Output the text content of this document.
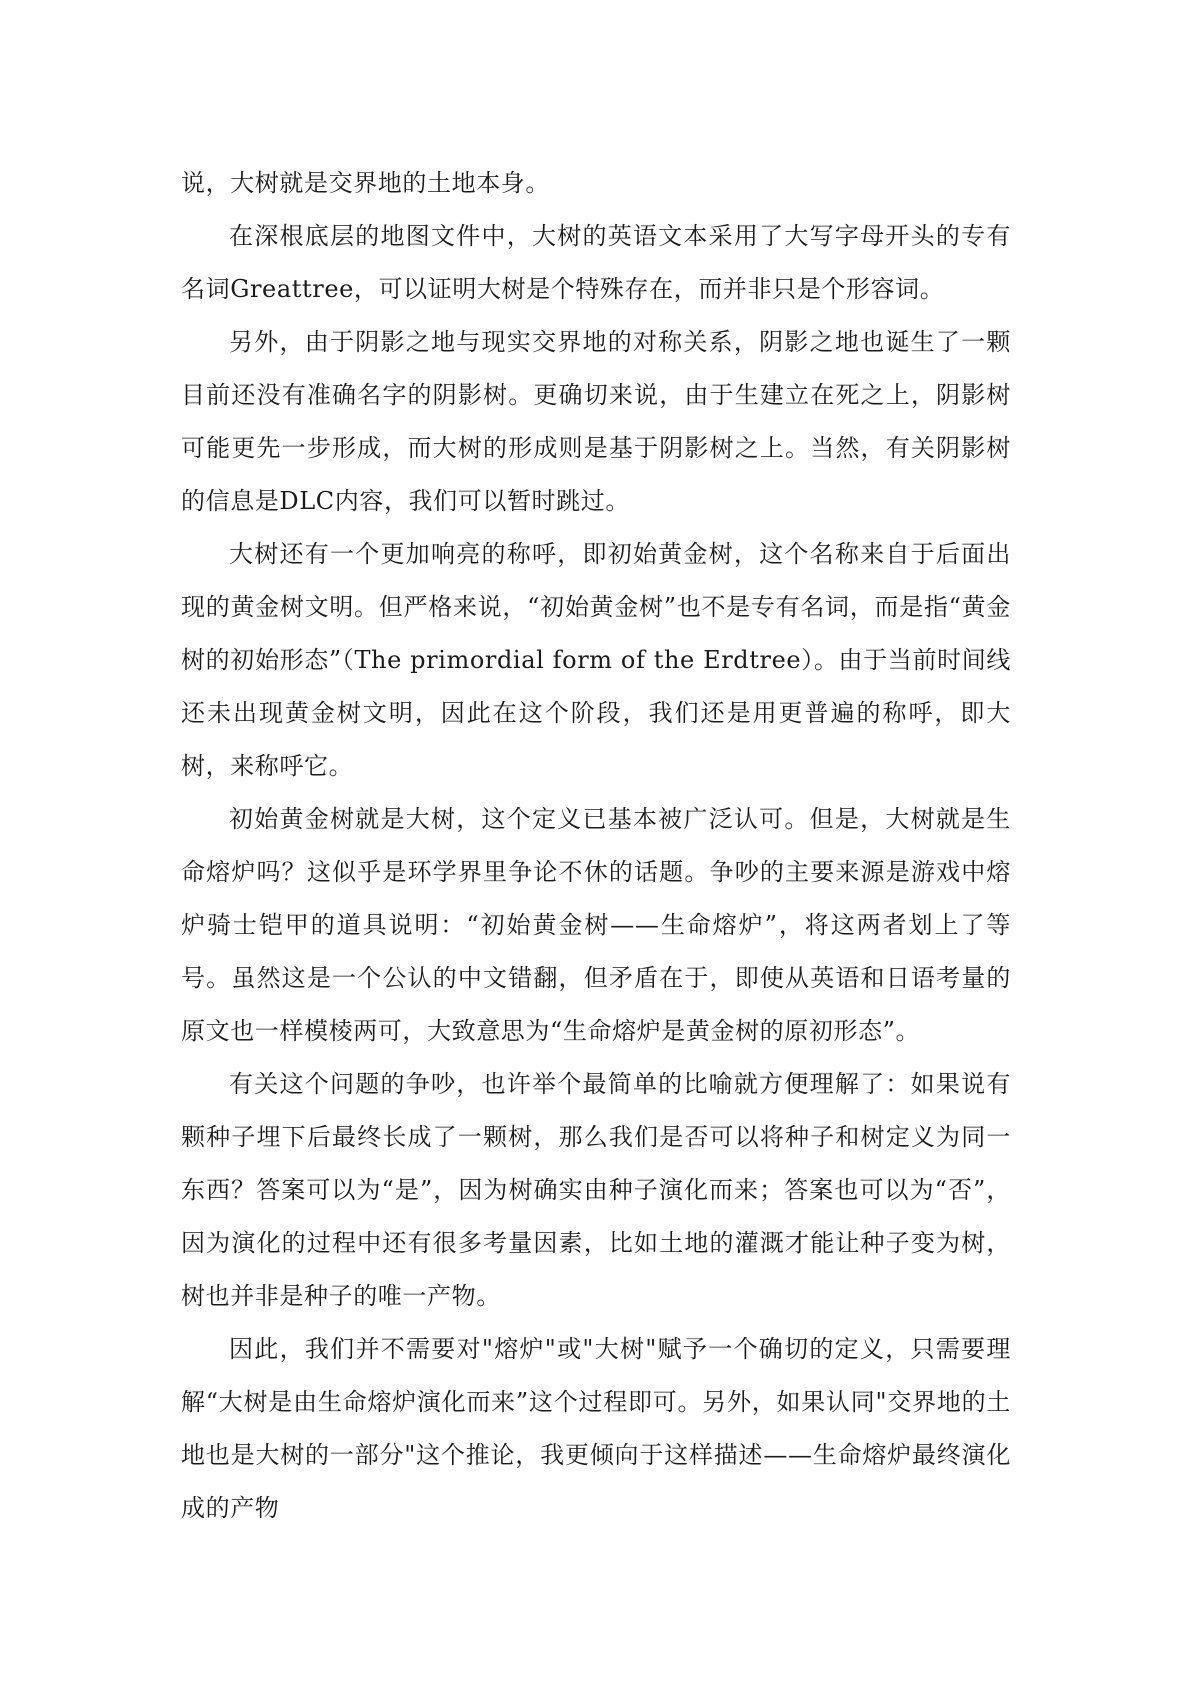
说，大树就是交界地的土地本身。

在深根底层的地图文件中，大树的英语文本采用了大写字母开头的专有名词Greattree，可以证明大树是个特殊存在，而并非只是个形容词。

另外，由于阴影之地与现实交界地的对称关系，阴影之地也诞生了一颗目前还没有准确名字的阴影树。更确切来说，由于生建立在死之上，阴影树可能更先一步形成，而大树的形成则是基于阴影树之上。当然，有关阴影树的信息是DLC内容，我们可以暂时跳过。

大树还有一个更加响亮的称呼，即初始黄金树，这个名称来自于后面出现的黄金树文明。但严格来说，“初始黄金树”也不是专有名词，而是指“黄金树的初始形态”（The primordial form of the Erdtree）。由于当前时间线还未出现黄金树文明，因此在这个阶段，我们还是用更普遍的称呼，即大树，来称呼它。

初始黄金树就是大树，这个定义已基本被广泛认可。但是，大树就是生命熔炉吗？这似乎是环学界里争论不休的话题。争吵的主要来源是游戏中熔炉骑士铠甲的道具说明：“初始黄金树——生命熔炉”，将这两者划上了等号。虽然这是一个公认的中文错翻，但矛盾在于，即使从英语和日语考量的原文也一样模棱两可，大致意思为“生命熔炉是黄金树的原初形态”。

有关这个问题的争吵，也许举个最简单的比喻就方便理解了：如果说有颗种子埋下后最终长成了一颗树，那么我们是否可以将种子和树定义为同一东西？答案可以为“是”，因为树确实由种子演化而来；答案也可以为“否”，因为演化的过程中还有很多考量因素，比如土地的灌溉才能让种子变为树，树也并非是种子的唯一产物。

因此，我们并不需要对"熔炉"或"大树"赋予一个确切的定义，只需要理解“大树是由生命熔炉演化而来”这个过程即可。另外，如果认同"交界地的土地也是大树的一部分"这个推论，我更倾向于这样描述——生命熔炉最终演化成的产物
